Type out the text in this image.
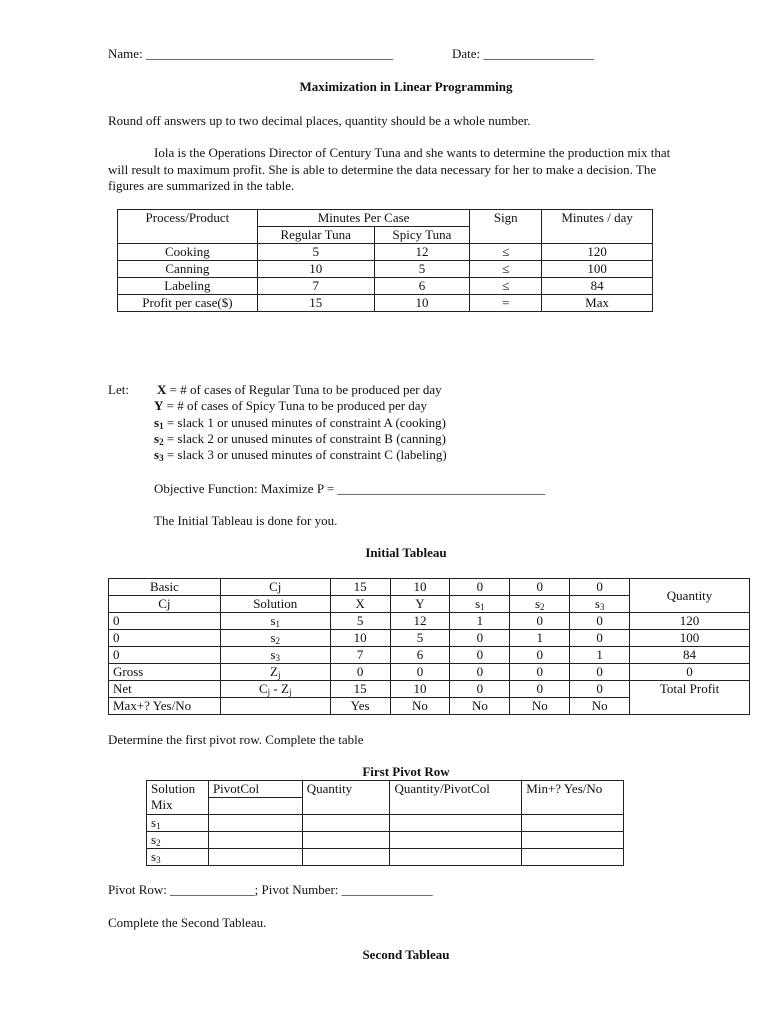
Name: ______________________________________	Date: _________________
Maximization in Linear Programming
Round off answers up to two decimal places, quantity should be a whole number.
Iola is the Operations Director of Century Tuna and she wants to determine the production mix that
will result to maximum profit. She is able to determine the data necessary for her to make a decision. The
figures are summarized in the table.
Process/Product	Minutes Per Case		Sign	Minutes / day
	Regular Tuna	Spicy Tuna		
Cooking	5	12	≤	120
Canning	10	5	≤	100
Labeling	7	6	≤	84
Profit per case($)	15	10	=	Max
Let: X = # of cases of Regular Tuna to be produced per day
Y = # of cases of Spicy Tuna to be produced per day
$s_1$ = slack 1 or unused minutes of constraint A (cooking)
$s_2$ = slack 2 or unused minutes of constraint B (canning)
$s_3$ = slack 3 or unused minutes of constraint C (labeling)
Objective Function: Maximize P = ________________________________
The Initial Tableau is done for you.
Initial Tableau
Basic	Cj	15	10	0	0	0	Quantity
Cj	Solution	X	Y	$s_1$	$s_2$	$s_3$
0	$s_1$	5	12	1	0	0	120
0	$s_2$	10	5	0	1	0	100
0	$s_3$	7	6	0	0	1	84
Gross	$Z_j$	0	0	0	0	0	0
Net	$C_j - Z_j$	15	10	0	0	0	Total Profit
Max+? Yes/No		Yes	No	No	No	No	
Determine the first pivot row. Complete the table
First Pivot Row
Solution
Mix	PivotCol	Quantity	Quantity/PivotCol	Min+? Yes/No

$s_1$				
$s_2$				
$s_3$				
Pivot Row: _____________; Pivot Number: ______________
Complete the Second Tableau.
Second Tableau
